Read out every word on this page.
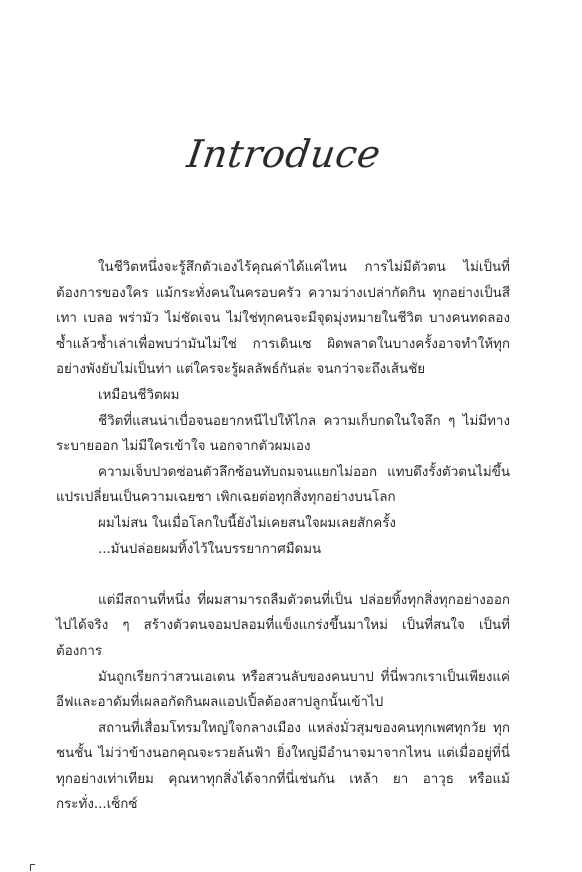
Introduce

ในชีวิตหนึ่งจะรู้สึกตัวเองไร้คุณค่าได้แค่ไหน การไม่มีตัวตน ไม่เป็นที่ต้องการของใคร แม้กระทั่งคนในครอบครัว ความว่างเปล่ากัดกิน ทุกอย่างเป็นสีเทา เบลอ พร่ามัว ไม่ชัดเจน ไม่ใช่ทุกคนจะมีจุดมุ่งหมายในชีวิต บางคนทดลองซ้ำแล้วซ้ำเล่าเพื่อพบว่ามันไม่ใช่ การเดินเซ ผิดพลาดในบางครั้งอาจทำให้ทุกอย่างพังยับไม่เป็นท่า แต่ใครจะรู้ผลลัพธ์กันล่ะ จนกว่าจะถึงเส้นชัย

เหมือนชีวิตผม

ชีวิตที่แสนน่าเบื่อจนอยากหนีไปให้ไกล ความเก็บกดในใจลึก ๆ ไม่มีทางระบายออก ไม่มีใครเข้าใจ นอกจากตัวผมเอง

ความเจ็บปวดซ่อนตัวลึกซ้อนทับถมจนแยกไม่ออก แทบดึงรั้งตัวตนไม่ขึ้น แปรเปลี่ยนเป็นความเฉยชา เพิกเฉยต่อทุกสิ่งทุกอย่างบนโลก

ผมไม่สน ในเมื่อโลกใบนี้ยังไม่เคยสนใจผมเลยสักครั้ง

...มันปล่อยผมทิ้งไว้ในบรรยากาศมืดมน

แต่มีสถานที่หนึ่ง ที่ผมสามารถลืมตัวตนที่เป็น ปล่อยทิ้งทุกสิ่งทุกอย่างออกไปได้จริง ๆ สร้างตัวตนจอมปลอมที่แข็งแกร่งขึ้นมาใหม่ เป็นที่สนใจ เป็นที่ต้องการ

มันถูกเรียกว่าสวนเอเดน หรือสวนลับของคนบาป ที่นี่พวกเราเป็นเพียงแค่อีฟและอาดัมที่เผลอกัดกินผลแอปเปิ้ลต้องสาปลูกนั้นเข้าไป

สถานที่เสื่อมโทรมใหญ่ใจกลางเมือง แหล่งมั่วสุมของคนทุกเพศทุกวัย ทุกชนชั้น ไม่ว่าข้างนอกคุณจะรวยล้นฟ้า ยิ่งใหญ่มีอำนาจมาจากไหน แต่เมื่ออยู่ที่นี่ทุกอย่างเท่าเทียม คุณหาทุกสิ่งได้จากที่นี่เช่นกัน เหล้า ยา อาวุธ หรือแม้กระทั่ง...เซ็กซ์
